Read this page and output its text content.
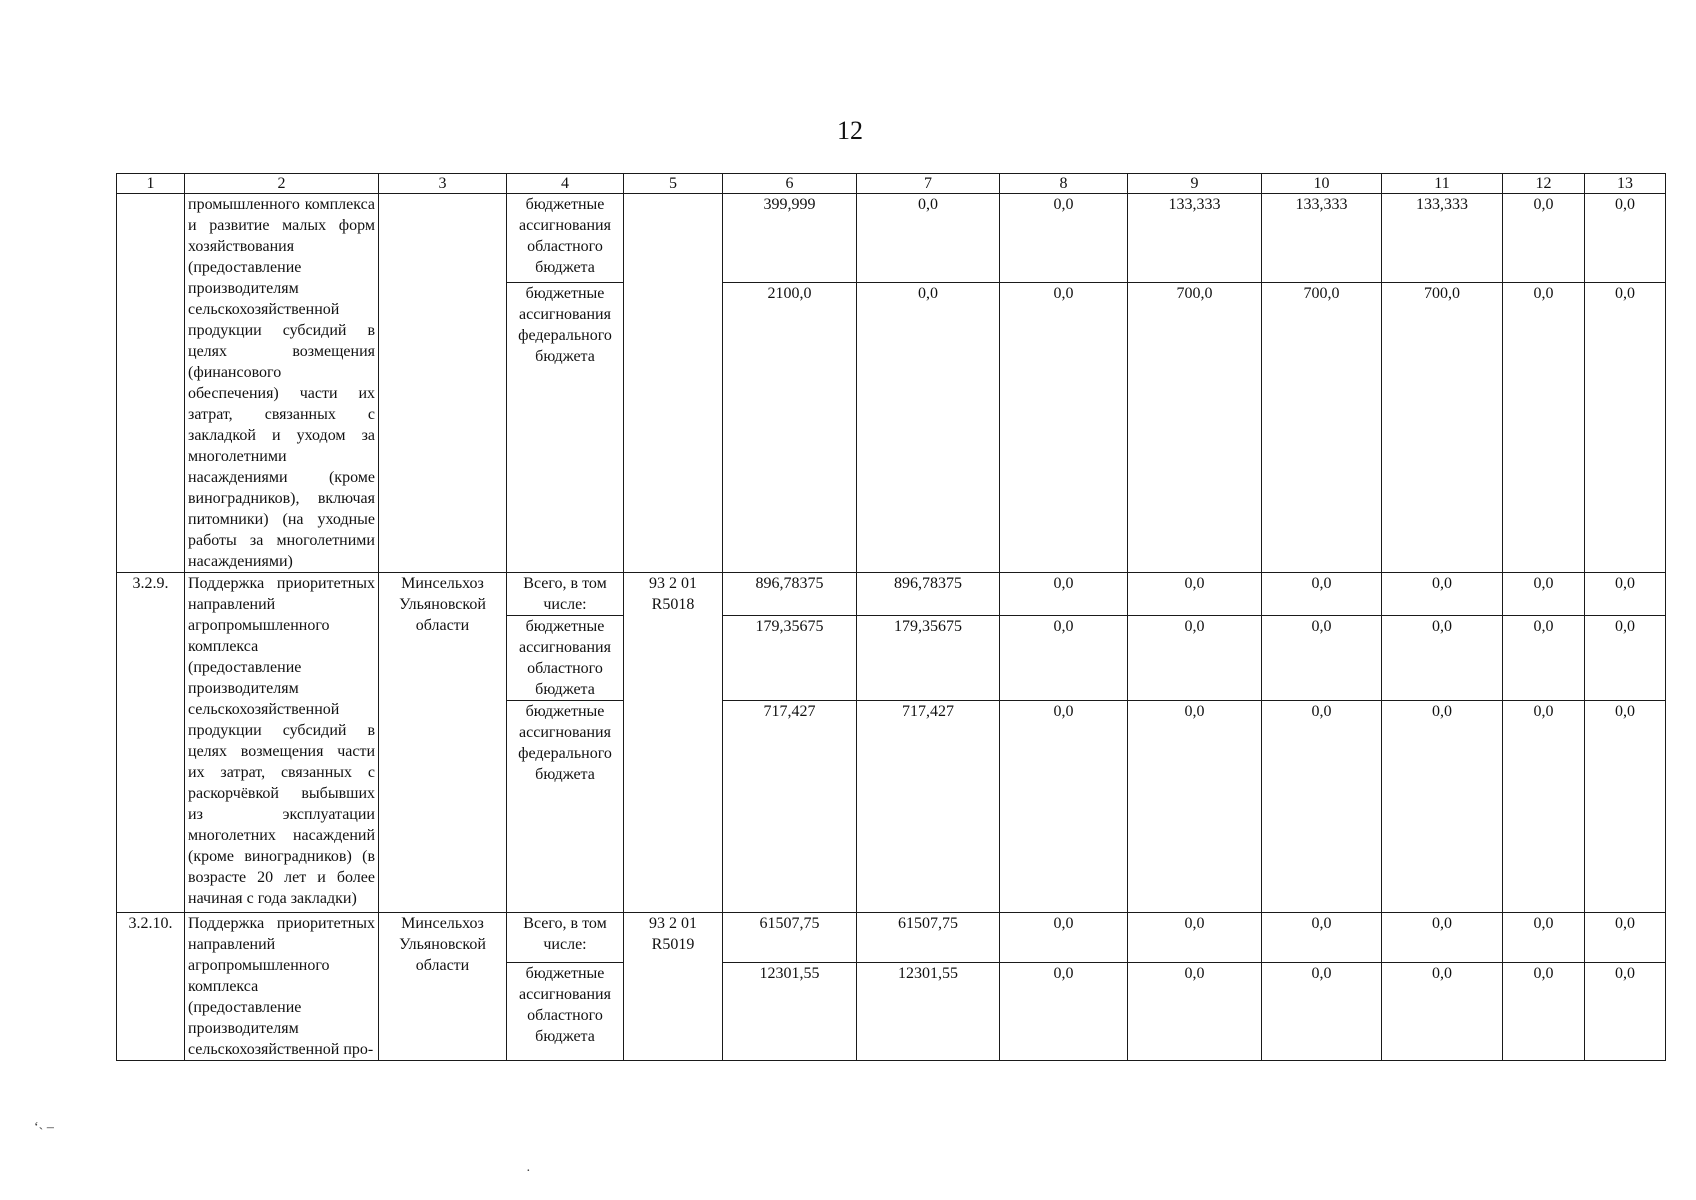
12
1	2	3	4	5	6	7	8	9	10	11	12	13
	промышленного комплекса и развитие малых форм хозяйствования (предоставление производителям сельскохозяйственной продукции субсидий в целях возмещения (финансового обеспечения) части их затрат, связанных с закладкой и уходом за многолетними насаждениями (кроме виноградников), включая питомники) (на уходные работы за многолетними насаждениями)		бюджетные ассигнования областного бюджета		399,999	0,0	0,0	133,333	133,333	133,333	0,0	0,0
			бюджетные ассигнования федерального бюджета		2100,0	0,0	0,0	700,0	700,0	700,0	0,0	0,0
3.2.9.	Поддержка приоритетных направлений агропромышленного комплекса (предоставление производителям сельскохозяйственной продукции субсидий в целях возмещения части их затрат, связанных с раскорчёвкой выбывших из эксплуатации многолетних насаждений (кроме виноградников) (в возрасте 20 лет и более начиная с года закладки)	Минсельхоз Ульяновской области	Всего, в том числе:	93 2 01 R5018	896,78375	896,78375	0,0	0,0	0,0	0,0	0,0	0,0
			бюджетные ассигнования областного бюджета		179,35675	179,35675	0,0	0,0	0,0	0,0	0,0	0,0
			бюджетные ассигнования федерального бюджета		717,427	717,427	0,0	0,0	0,0	0,0	0,0	0,0
3.2.10.	Поддержка приоритетных направлений агропромышленного комплекса (предоставление производителям сельскохозяйственной про-	Минсельхоз Ульяновской области	Всего, в том числе:	93 2 01 R5019	61507,75	61507,75	0,0	0,0	0,0	0,0	0,0	0,0
			бюджетные ассигнования областного бюджета		12301,55	12301,55	0,0	0,0	0,0	0,0	0,0	0,0
ʻ˴ ‒
·
